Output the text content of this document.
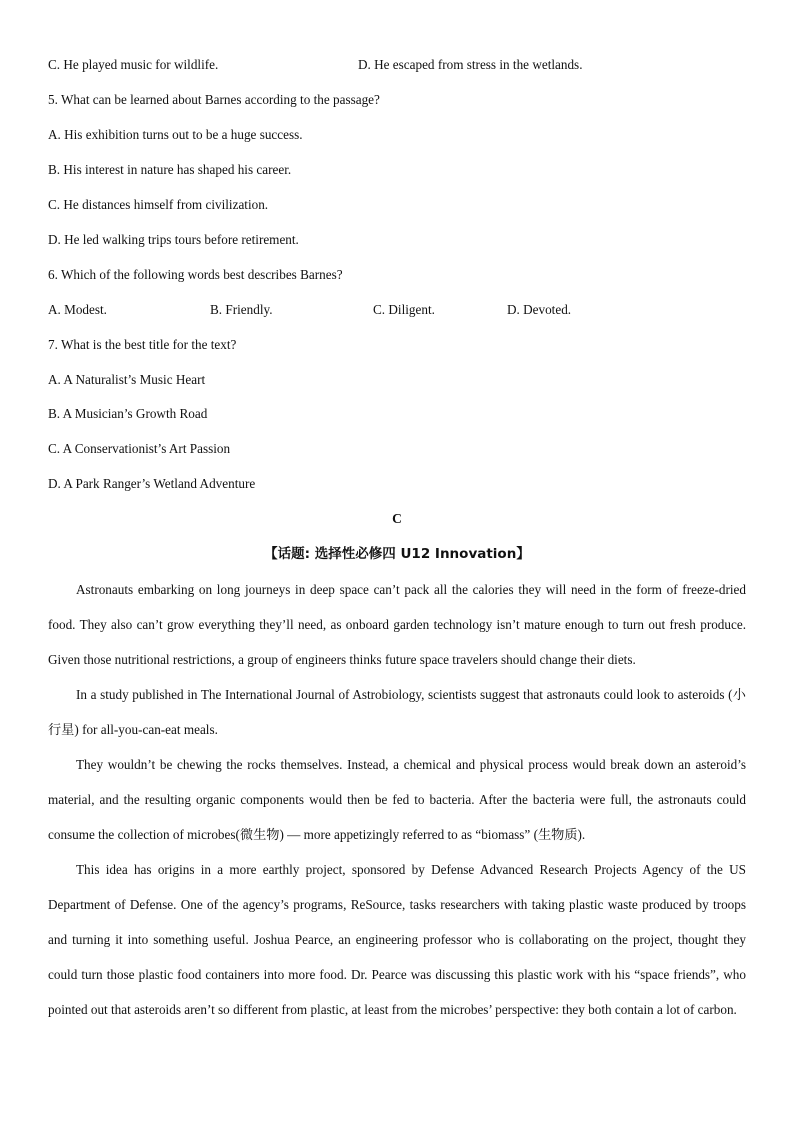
C. He played music for wildlife.	D. He escaped from stress in the wetlands.
5. What can be learned about Barnes according to the passage?
A. His exhibition turns out to be a huge success.
B. His interest in nature has shaped his career.
C. He distances himself from civilization.
D. He led walking trips tours before retirement.
6. Which of the following words best describes Barnes?
A. Modest.	B. Friendly.	C. Diligent.	D. Devoted.
7. What is the best title for the text?
A. A Naturalist’s Music Heart
B. A Musician’s Growth Road
C. A Conservationist’s Art Passion
D. A Park Ranger’s Wetland Adventure
C
【话题: 选择性必修四 U12 Innovation】
Astronauts embarking on long journeys in deep space can’t pack all the calories they will need in the form of freeze-dried food. They also can’t grow everything they’ll need, as onboard garden technology isn’t mature enough to turn out fresh produce. Given those nutritional restrictions, a group of engineers thinks future space travelers should change their diets.
In a study published in The International Journal of Astrobiology, scientists suggest that astronauts could look to asteroids (小行星) for all-you-can-eat meals.
They wouldn’t be chewing the rocks themselves. Instead, a chemical and physical process would break down an asteroid’s material, and the resulting organic components would then be fed to bacteria. After the bacteria were full, the astronauts could consume the collection of microbes(微生物) — more appetizingly referred to as “biomass” (生物质).
This idea has origins in a more earthly project, sponsored by Defense Advanced Research Projects Agency of the US Department of Defense. One of the agency’s programs, ReSource, tasks researchers with taking plastic waste produced by troops and turning it into something useful. Joshua Pearce, an engineering professor who is collaborating on the project, thought they could turn those plastic food containers into more food. Dr. Pearce was discussing this plastic work with his “space friends”, who pointed out that asteroids aren’t so different from plastic, at least from the microbes’ perspective: they both contain a lot of carbon.
